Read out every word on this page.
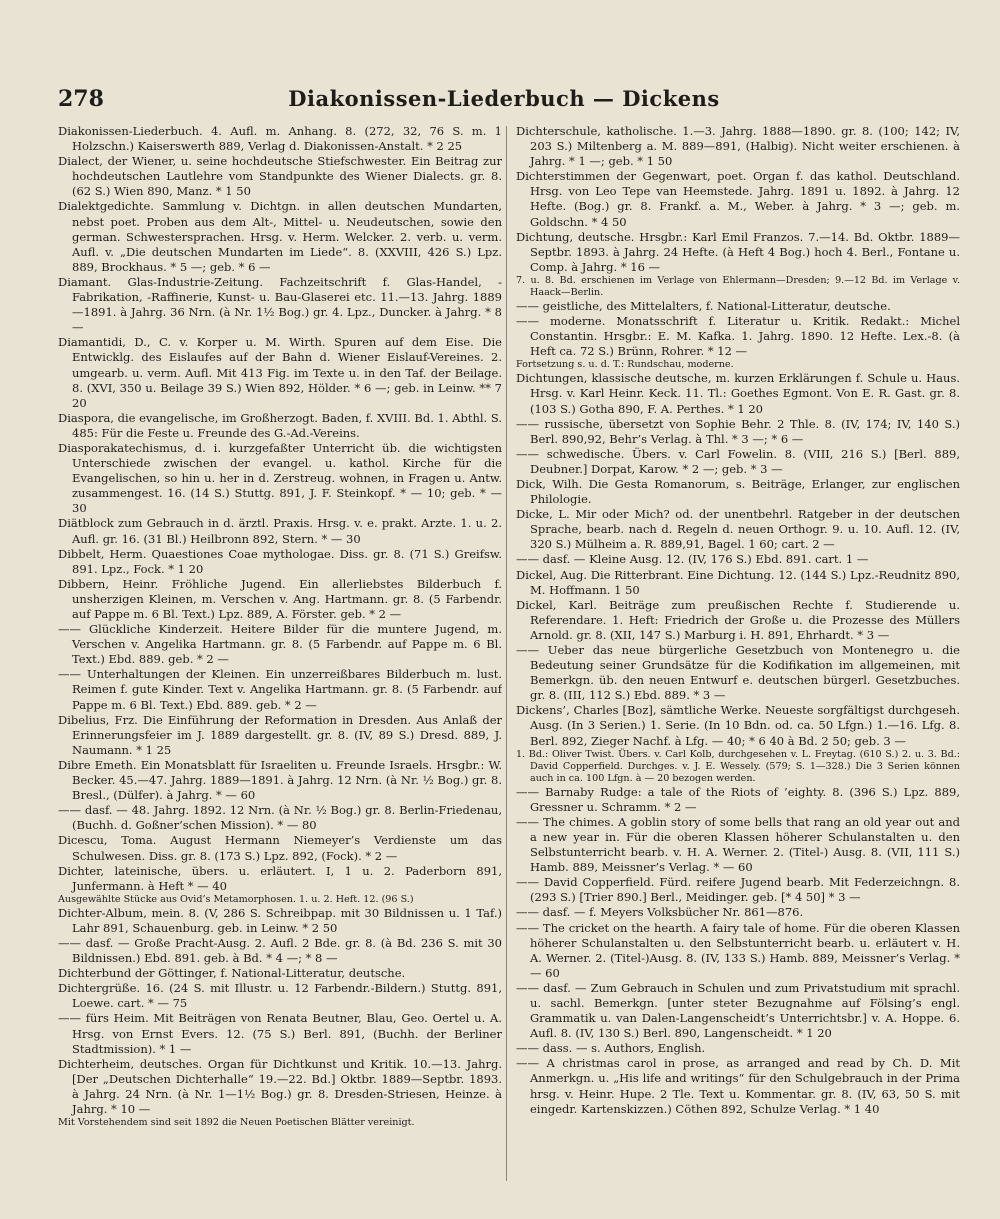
278	Diakonissen-Liederbuch — Dickens

Diakonissen-Liederbuch. 4. Aufl. m. Anhang. 8. (272, 32, 76 S. m. 1 Holzschn.) Kaiserswerth 889, Verlag d. Diakonissen-Anstalt. * 2 25

Dialect, der Wiener, u. seine hochdeutsche Stiefschwester. Ein Beitrag zur hochdeutschen Lautlehre vom Standpunkte des Wiener Dialects. gr. 8. (62 S.) Wien 890, Manz. * 1 50

Dialektgedichte. Sammlung v. Dichtgn. in allen deutschen Mundarten, nebst poet. Proben aus dem Alt-, Mittel- u. Neudeutschen, sowie den german. Schwestersprachen. Hrsg. v. Herm. Welcker. 2. verb. u. verm. Aufl. v. „Die deutschen Mundarten im Liede“. 8. (XXVIII, 426 S.) Lpz. 889, Brockhaus. * 5 —; geb. * 6 —

Diamant. Glas-Industrie-Zeitung. Fachzeitschrift f. Glas-Handel, -Fabrikation, -Raffinerie, Kunst- u. Bau-Glaserei etc. 11.—13. Jahrg. 1889—1891. à Jahrg. 36 Nrn. (à Nr. 1½ Bog.) gr. 4. Lpz., Duncker. à Jahrg. * 8 —

Diamantidi, D., C. v. Korper u. M. Wirth. Spuren auf dem Eise. Die Entwicklg. des Eislaufes auf der Bahn d. Wiener Eislauf-Vereines. 2. umgearb. u. verm. Aufl. Mit 413 Fig. im Texte u. in den Taf. der Beilage. 8. (XVI, 350 u. Beilage 39 S.) Wien 892, Hölder. * 6 —; geb. in Leinw. ** 7 20

Diaspora, die evangelische, im Großherzogt. Baden, f. XVIII. Bd. 1. Abthl. S. 485: Für die Feste u. Freunde des G.-Ad.-Vereins.

Diasporakatechismus, d. i. kurzgefaßter Unterricht üb. die wichtigsten Unterschiede zwischen der evangel. u. kathol. Kirche für die Evangelischen, so hin u. her in d. Zerstreug. wohnen, in Fragen u. Antw. zusammengest. 16. (14 S.) Stuttg. 891, J. F. Steinkopf. * — 10; geb. * — 30

Diätblock zum Gebrauch in d. ärztl. Praxis. Hrsg. v. e. prakt. Arzte. 1. u. 2. Aufl. gr. 16. (31 Bl.) Heilbronn 892, Stern. * — 30

Dibbelt, Herm. Quaestiones Coae mythologae. Diss. gr. 8. (71 S.) Greifsw. 891. Lpz., Fock. * 1 20

Dibbern, Heinr. Fröhliche Jugend. Ein allerliebstes Bilderbuch f. unsherzigen Kleinen, m. Verschen v. Ang. Hartmann. gr. 8. (5 Farbendr. auf Pappe m. 6 Bl. Text.) Lpz. 889, A. Förster. geb. * 2 —

—— Glückliche Kinderzeit. Heitere Bilder für die muntere Jugend, m. Verschen v. Angelika Hartmann. gr. 8. (5 Farbendr. auf Pappe m. 6 Bl. Text.) Ebd. 889. geb. * 2 —

—— Unterhaltungen der Kleinen. Ein unzerreißbares Bilderbuch m. lust. Reimen f. gute Kinder. Text v. Angelika Hartmann. gr. 8. (5 Farbendr. auf Pappe m. 6 Bl. Text.) Ebd. 889. geb. * 2 —

Dibelius, Frz. Die Einführung der Reformation in Dresden. Aus Anlaß der Erinnerungsfeier im J. 1889 dargestellt. gr. 8. (IV, 89 S.) Dresd. 889, J. Naumann. * 1 25

Dibre Emeth. Ein Monatsblatt für Israeliten u. Freunde Israels. Hrsgbr.: W. Becker. 45.—47. Jahrg. 1889—1891. à Jahrg. 12 Nrn. (à Nr. ½ Bog.) gr. 8. Bresl., (Dülfer). à Jahrg. * — 60

—— dasf. — 48. Jahrg. 1892. 12 Nrn. (à Nr. ½ Bog.) gr. 8. Berlin-Friedenau, (Buchh. d. Goßner’schen Mission). * — 80

Dicescu, Toma. August Hermann Niemeyer’s Verdienste um das Schulwesen. Diss. gr. 8. (173 S.) Lpz. 892, (Fock). * 2 —

Dichter, lateinische, übers. u. erläutert. I, 1 u. 2. Paderborn 891, Junfermann. à Heft * — 40

Ausgewählte Stücke aus Ovid’s Metamorphosen. 1. u. 2. Heft. 12. (96 S.)

Dichter-Album, mein. 8. (V, 286 S. Schreibpap. mit 30 Bildnissen u. 1 Taf.) Lahr 891, Schauenburg. geb. in Leinw. * 2 50

—— dasf. — Große Pracht-Ausg. 2. Aufl. 2 Bde. gr. 8. (à Bd. 236 S. mit 30 Bildnissen.) Ebd. 891. geb. à Bd. * 4 —; * 8 —

Dichterbund der Göttinger, f. National-Litteratur, deutsche.

Dichtergrüße. 16. (24 S. mit Illustr. u. 12 Farbendr.-Bildern.) Stuttg. 891, Loewe. cart. * — 75

—— fürs Heim. Mit Beiträgen von Renata Beutner, Blau, Geo. Oertel u. A. Hrsg. von Ernst Evers. 12. (75 S.) Berl. 891, (Buchh. der Berliner Stadtmission). * 1 —

Dichterheim, deutsches. Organ für Dichtkunst und Kritik. 10.—13. Jahrg. [Der „Deutschen Dichterhalle“ 19.—22. Bd.] Oktbr. 1889—Septbr. 1893. à Jahrg. 24 Nrn. (à Nr. 1—1½ Bog.) gr. 8. Dresden-Striesen, Heinze. à Jahrg. * 10 —

Mit Vorstehendem sind seit 1892 die Neuen Poetischen Blätter vereinigt.

Dichterschule, katholische. 1.—3. Jahrg. 1888—1890. gr. 8. (100; 142; IV, 203 S.) Miltenberg a. M. 889—891, (Halbig). Nicht weiter erschienen. à Jahrg. * 1 —; geb. * 1 50

Dichterstimmen der Gegenwart, poet. Organ f. das kathol. Deutschland. Hrsg. von Leo Tepe van Heemstede. Jahrg. 1891 u. 1892. à Jahrg. 12 Hefte. (Bog.) gr. 8. Frankf. a. M., Weber. à Jahrg. * 3 —; geb. m. Goldschn. * 4 50

Dichtung, deutsche. Hrsgbr.: Karl Emil Franzos. 7.—14. Bd. Oktbr. 1889—Septbr. 1893. à Jahrg. 24 Hefte. (à Heft 4 Bog.) hoch 4. Berl., Fontane u. Comp. à Jahrg. * 16 —

7. u. 8. Bd. erschienen im Verlage von Ehlermann—Dresden; 9.—12 Bd. im Verlage v. Haack—Berlin.

—— geistliche, des Mittelalters, f. National-Litteratur, deutsche.

—— moderne. Monatsschrift f. Literatur u. Kritik. Redakt.: Michel Constantin. Hrsgbr.: E. M. Kafka. 1. Jahrg. 1890. 12 Hefte. Lex.-8. (à Heft ca. 72 S.) Brünn, Rohrer. * 12 —

Fortsetzung s. u. d. T.: Rundschau, moderne.

Dichtungen, klassische deutsche, m. kurzen Erklärungen f. Schule u. Haus. Hrsg. v. Karl Heinr. Keck. 11. Tl.: Goethes Egmont. Von E. R. Gast. gr. 8. (103 S.) Gotha 890, F. A. Perthes. * 1 20

—— russische, übersetzt von Sophie Behr. 2 Thle. 8. (IV, 174; IV, 140 S.) Berl. 890,92, Behr’s Verlag. à Thl. * 3 —; * 6 —

—— schwedische. Übers. v. Carl Fowelin. 8. (VIII, 216 S.) [Berl. 889, Deubner.] Dorpat, Karow. * 2 —; geb. * 3 —

Dick, Wilh. Die Gesta Romanorum, s. Beiträge, Erlanger, zur englischen Philologie.

Dicke, L. Mir oder Mich? od. der unentbehrl. Ratgeber in der deutschen Sprache, bearb. nach d. Regeln d. neuen Orthogr. 9. u. 10. Aufl. 12. (IV, 320 S.) Mülheim a. R. 889,91, Bagel. 1 60; cart. 2 —

—— dasf. — Kleine Ausg. 12. (IV, 176 S.) Ebd. 891. cart. 1 —

Dickel, Aug. Die Ritterbrant. Eine Dichtung. 12. (144 S.) Lpz.-Reudnitz 890, M. Hoffmann. 1 50

Dickel, Karl. Beiträge zum preußischen Rechte f. Studierende u. Referendare. 1. Heft: Friedrich der Große u. die Prozesse des Müllers Arnold. gr. 8. (XII, 147 S.) Marburg i. H. 891, Ehrhardt. * 3 —

—— Ueber das neue bürgerliche Gesetzbuch von Montenegro u. die Bedeutung seiner Grundsätze für die Kodifikation im allgemeinen, mit Bemerkgn. üb. den neuen Entwurf e. deutschen bürgerl. Gesetzbuches. gr. 8. (III, 112 S.) Ebd. 889. * 3 —

Dickens’, Charles [Boz], sämtliche Werke. Neueste sorgfältigst durchgeseh. Ausg. (In 3 Serien.) 1. Serie. (In 10 Bdn. od. ca. 50 Lfgn.) 1.—16. Lfg. 8. Berl. 892, Zieger Nachf. à Lfg. — 40; * 6 40 à Bd. 2 50; geb. 3 —

1. Bd.: Oliver Twist. Übers. v. Carl Kolb, durchgesehen v. L. Freytag. (610 S.) 2. u. 3. Bd.: David Copperfield. Durchges. v. J. E. Wessely. (579; S. 1—328.) Die 3 Serien können auch in ca. 100 Lfgn. à — 20 bezogen werden.

—— Barnaby Rudge: a tale of the Riots of ’eighty. 8. (396 S.) Lpz. 889, Gressner u. Schramm. * 2 —

—— The chimes. A goblin story of some bells that rang an old year out and a new year in. Für die oberen Klassen höherer Schulanstalten u. den Selbstunterricht bearb. v. H. A. Werner. 2. (Titel-) Ausg. 8. (VII, 111 S.) Hamb. 889, Meissner’s Verlag. * — 60

—— David Copperfield. Fürd. reifere Jugend bearb. Mit Federzeichngn. 8. (293 S.) [Trier 890.] Berl., Meidinger. geb. [* 4 50] * 3 —

—— dasf. — f. Meyers Volksbücher Nr. 861—876.

—— The cricket on the hearth. A fairy tale of home. Für die oberen Klassen höherer Schulanstalten u. den Selbstunterricht bearb. u. erläutert v. H. A. Werner. 2. (Titel-)Ausg. 8. (IV, 133 S.) Hamb. 889, Meissner’s Verlag. * — 60

—— dasf. — Zum Gebrauch in Schulen und zum Privatstudium mit sprachl. u. sachl. Bemerkgn. [unter steter Bezugnahme auf Fölsing’s engl. Grammatik u. van Dalen-Langenscheidt’s Unterrichtsbr.] v. A. Hoppe. 6. Aufl. 8. (IV, 130 S.) Berl. 890, Langenscheidt. * 1 20

—— dass. — s. Authors, English.

—— A christmas carol in prose, as arranged and read by Ch. D. Mit Anmerkgn. u. „His life and writings“ für den Schulgebrauch in der Prima hrsg. v. Heinr. Hupe. 2 Tle. Text u. Kommentar. gr. 8. (IV, 63, 50 S. mit eingedr. Kartenskizzen.) Cöthen 892, Schulze Verlag. * 1 40
